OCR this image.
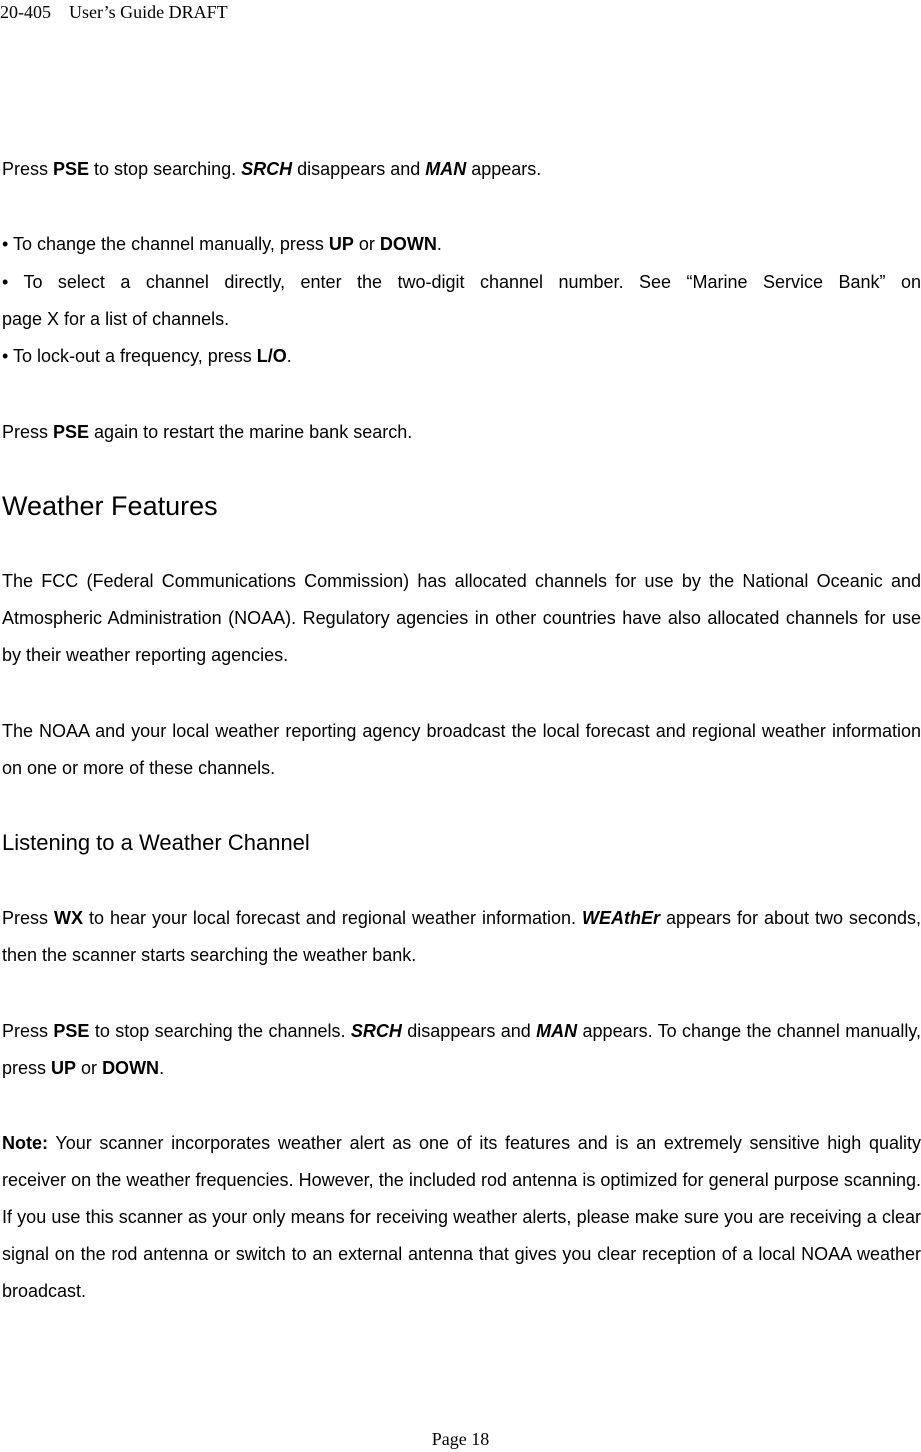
20-405 User’s Guide DRAFT

Press PSE to stop searching. SRCH disappears and MAN appears.

• To change the channel manually, press UP or DOWN.

• To select a channel directly, enter the two-digit channel number. See “Marine Service Bank” on
page X for a list of channels.

• To lock-out a frequency, press L/O.

Press PSE again to restart the marine bank search.

Weather Features

The FCC (Federal Communications Commission) has allocated channels for use by the National Oceanic and Atmospheric Administration (NOAA). Regulatory agencies in other countries have also allocated channels for use by their weather reporting agencies.

The NOAA and your local weather reporting agency broadcast the local forecast and regional weather information on one or more of these channels.

Listening to a Weather Channel

Press WX to hear your local forecast and regional weather information. WEAthEr appears for about two seconds, then the scanner starts searching the weather bank.

Press PSE to stop searching the channels. SRCH disappears and MAN appears. To change the channel manually, press UP or DOWN.

Note: Your scanner incorporates weather alert as one of its features and is an extremely sensitive high quality receiver on the weather frequencies. However, the included rod antenna is optimized for general purpose scanning. If you use this scanner as your only means for receiving weather alerts, please make sure you are receiving a clear signal on the rod antenna or switch to an external antenna that gives you clear reception of a local NOAA weather broadcast.

Page 18
